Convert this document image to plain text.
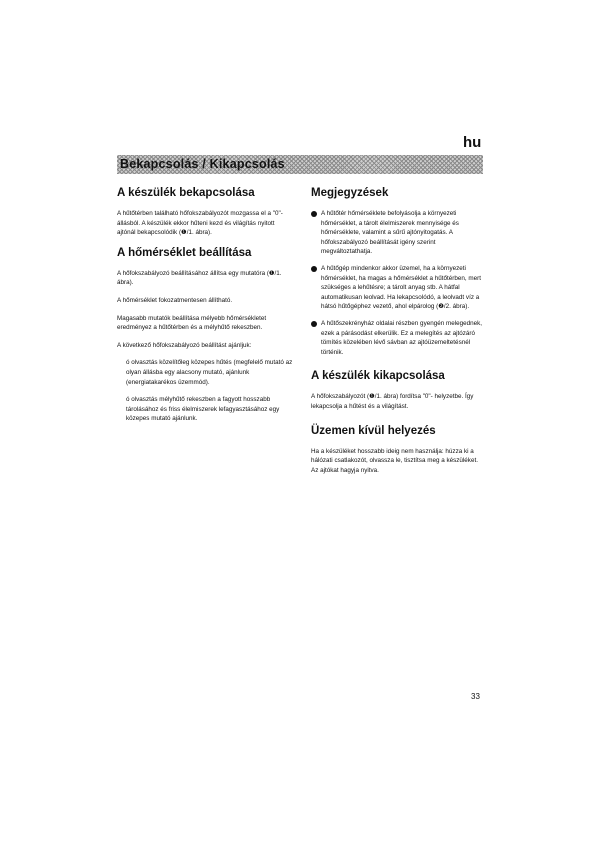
hu
Bekapcsolás / Kikapcsolás
A készülék bekapcsolása

A hűtőtérben található hőfokszabályozót mozgassa el a "0"- állásból. A készülék ekkor hűteni kezd és világítás nyitott ajtónál bekapcsolódik (❶/1. ábra).

A hőmérséklet beállítása

A hőfokszabályozó beállításához állítsa egy mutatóra (❶/1. ábra).

A hőmérséklet fokozatmentesen állítható.

Magasabb mutatók beállítása mélyebb hőmérsékletet eredményez a hűtőtérben és a mélyhűtő rekeszben.

A következő hőfokszabályozó beállítást ajánljuk:

ó olvasztás közelítőleg közepes hűtés (megfelelő mutató az olyan állásba egy alacsony mutató, ajánlunk (energiatakarékos üzemmód).

ó olvasztás mélyhűtő rekeszben a fagyott hosszabb tárolásához és friss élelmiszerek lefagyasztásához egy közepes mutató ajánlunk.

Megjegyzések
A hűtőtér hőmérséklete befolyásolja a környezeti hőmérséklet, a tárolt élelmiszerek mennyisége és hőmérséklete, valamint a sűrű ajtónyitogatás. A hőfokszabályozó beállítását igény szerint megváltoztathatja.
A hűtőgép mindenkor akkor üzemel, ha a környezeti hőmérséklet, ha magas a hőmérséklet a hűtőtérben, mert szükséges a lehűtésre; a tárolt anyag stb. A hátfal automatikusan leolvad. Ha lekapcsolódó, a leolvadt víz a hátsó hűtőgéphez vezető, ahol elpárolog (❷/2. ábra).
A hűtőszekrényház oldalai részben gyengén melegednek, ezek a párásodást elkerülik. Ez a melegítés az ajtózáró tömítés közelében lévő sávban az ajtóüzemeltetésnél történik.
A készülék kikapcsolása

A hőfokszabályozót (❶/1. ábra) fordítsa "0"- helyzetbe. Így lekapcsolja a hűtést és a világítást.

Üzemen kívül helyezés

Ha a készüléket hosszabb ideig nem használja: húzza ki a hálózati csatlakozót, olvassza le, tisztítsa meg a készüléket. Az ajtókat hagyja nyitva.

33
